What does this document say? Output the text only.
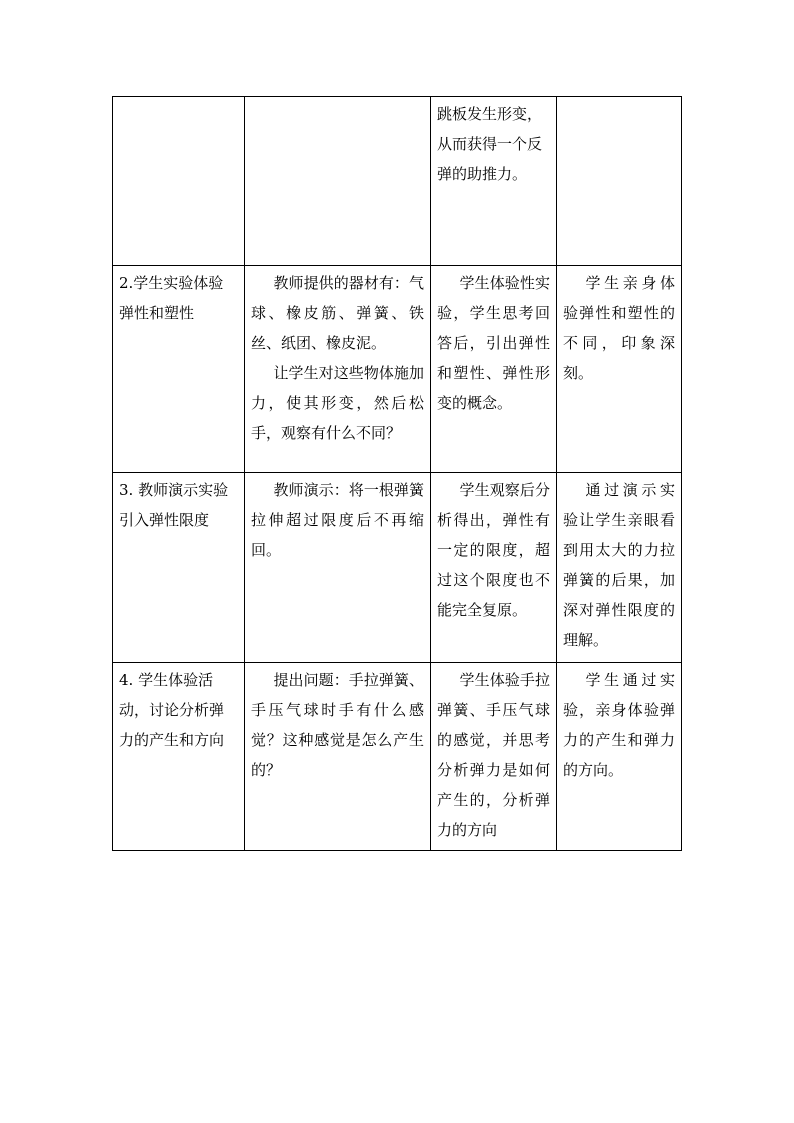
		跳板发生形变，从而获得一个反弹的助推力。	
2.学生实验体验弹性和塑性	教师提供的器材有：气球、橡皮筋、弹簧、铁丝、纸团、橡皮泥。
让学生对这些物体施加力，使其形变，然后松手，观察有什么不同？	学生体验性实验，学生思考回答后，引出弹性和塑性、弹性形变的概念。	学生亲身体验弹性和塑性的不同，印象深刻。

3. 教师演示实验引入弹性限度	教师演示：将一根弹簧拉伸超过限度后不再缩回。	学生观察后分析得出，弹性有一定的限度，超过这个限度也不能完全复原。	通过演示实验让学生亲眼看到用太大的力拉弹簧的后果，加深对弹性限度的理解。

4. 学生体验活动，讨论分析弹力的产生和方向	提出问题：手拉弹簧、手压气球时手有什么感觉？这种感觉是怎么产生的？	学生体验手拉弹簧、手压气球的感觉，并思考分析弹力是如何产生的，分析弹力的方向	学生通过实验，亲身体验弹力的产生和弹力的方向。
